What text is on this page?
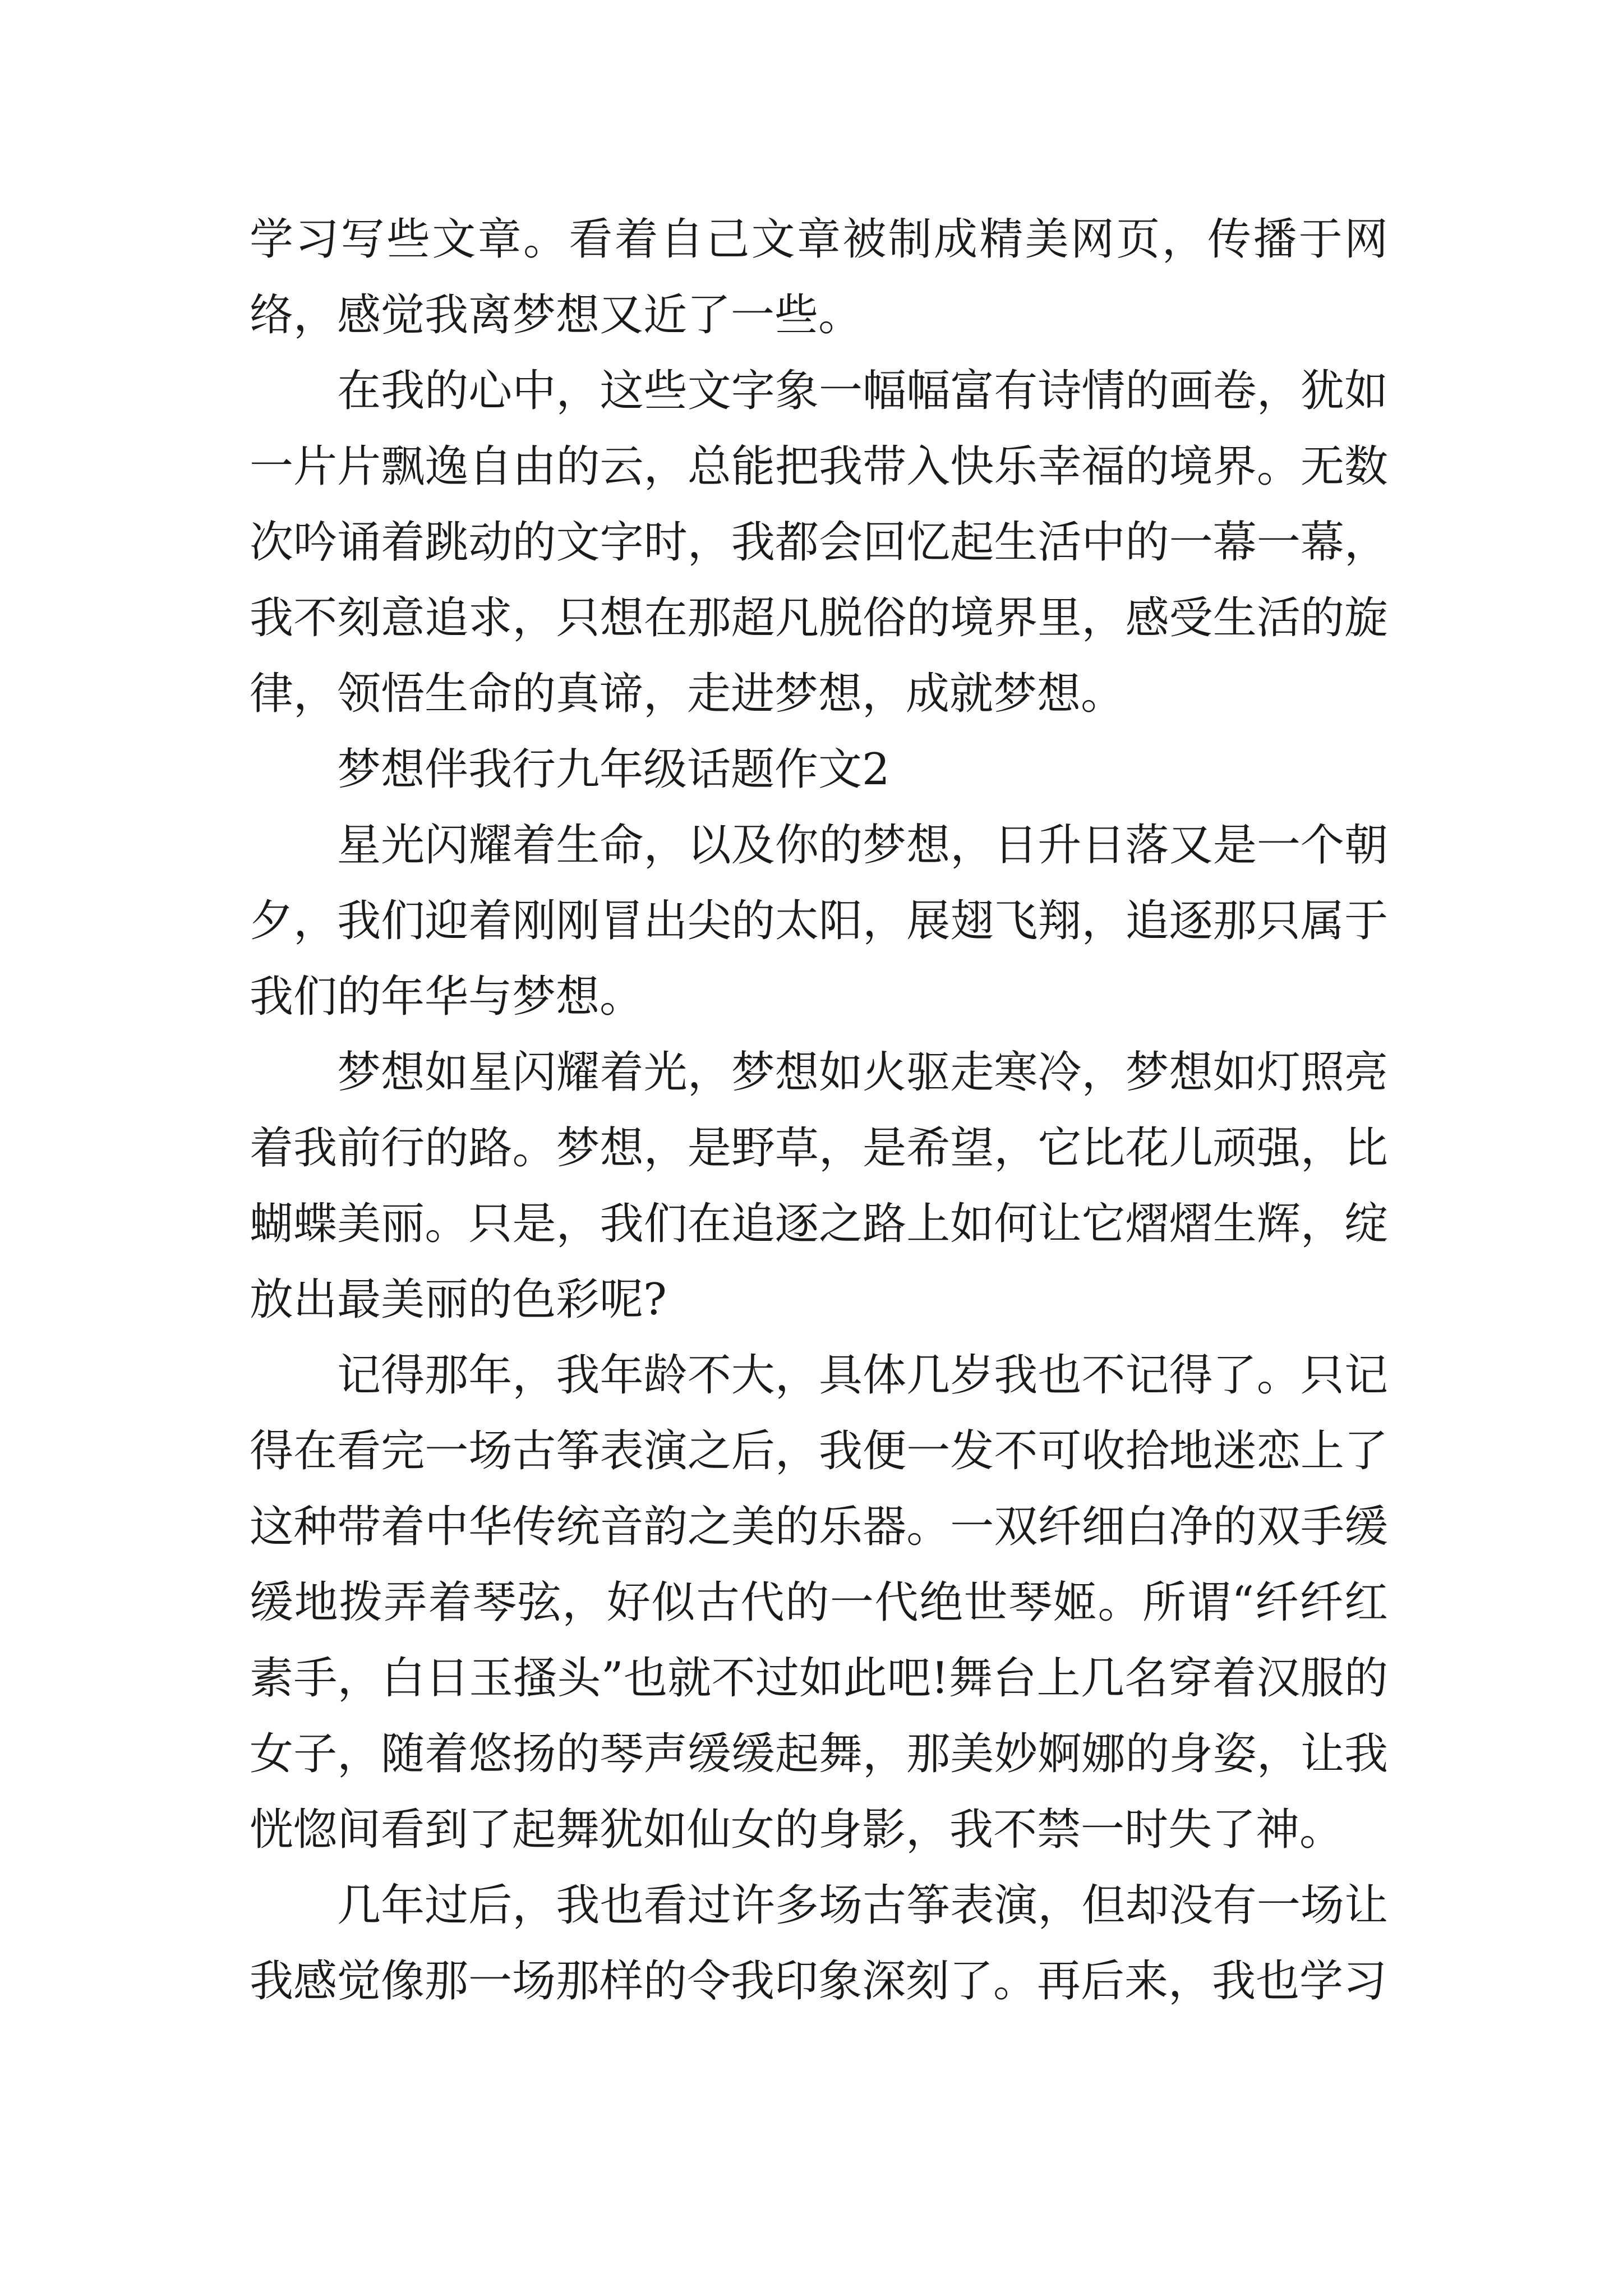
学习写些文章。看着自己文章被制成精美网页，传播于网络，感觉我离梦想又近了一些。

在我的心中，这些文字象一幅幅富有诗情的画卷，犹如一片片飘逸自由的云，总能把我带入快乐幸福的境界。无数次吟诵着跳动的文字时，我都会回忆起生活中的一幕一幕，我不刻意追求，只想在那超凡脱俗的境界里，感受生活的旋律，领悟生命的真谛，走进梦想，成就梦想。

梦想伴我行九年级话题作文2

星光闪耀着生命，以及你的梦想，日升日落又是一个朝夕，我们迎着刚刚冒出尖的太阳，展翅飞翔，追逐那只属于我们的年华与梦想。

梦想如星闪耀着光，梦想如火驱走寒冷，梦想如灯照亮着我前行的路。梦想，是野草，是希望，它比花儿顽强，比蝴蝶美丽。只是，我们在追逐之路上如何让它熠熠生辉，绽放出最美丽的色彩呢?

记得那年，我年龄不大，具体几岁我也不记得了。只记得在看完一场古筝表演之后，我便一发不可收拾地迷恋上了这种带着中华传统音韵之美的乐器。一双纤细白净的双手缓缓地拨弄着琴弦，好似古代的一代绝世琴姬。所谓“纤纤红素手，白日玉搔头”也就不过如此吧!舞台上几名穿着汉服的女子，随着悠扬的琴声缓缓起舞，那美妙婀娜的身姿，让我恍惚间看到了起舞犹如仙女的身影，我不禁一时失了神。

几年过后，我也看过许多场古筝表演，但却没有一场让我感觉像那一场那样的令我印象深刻了。再后来，我也学习
